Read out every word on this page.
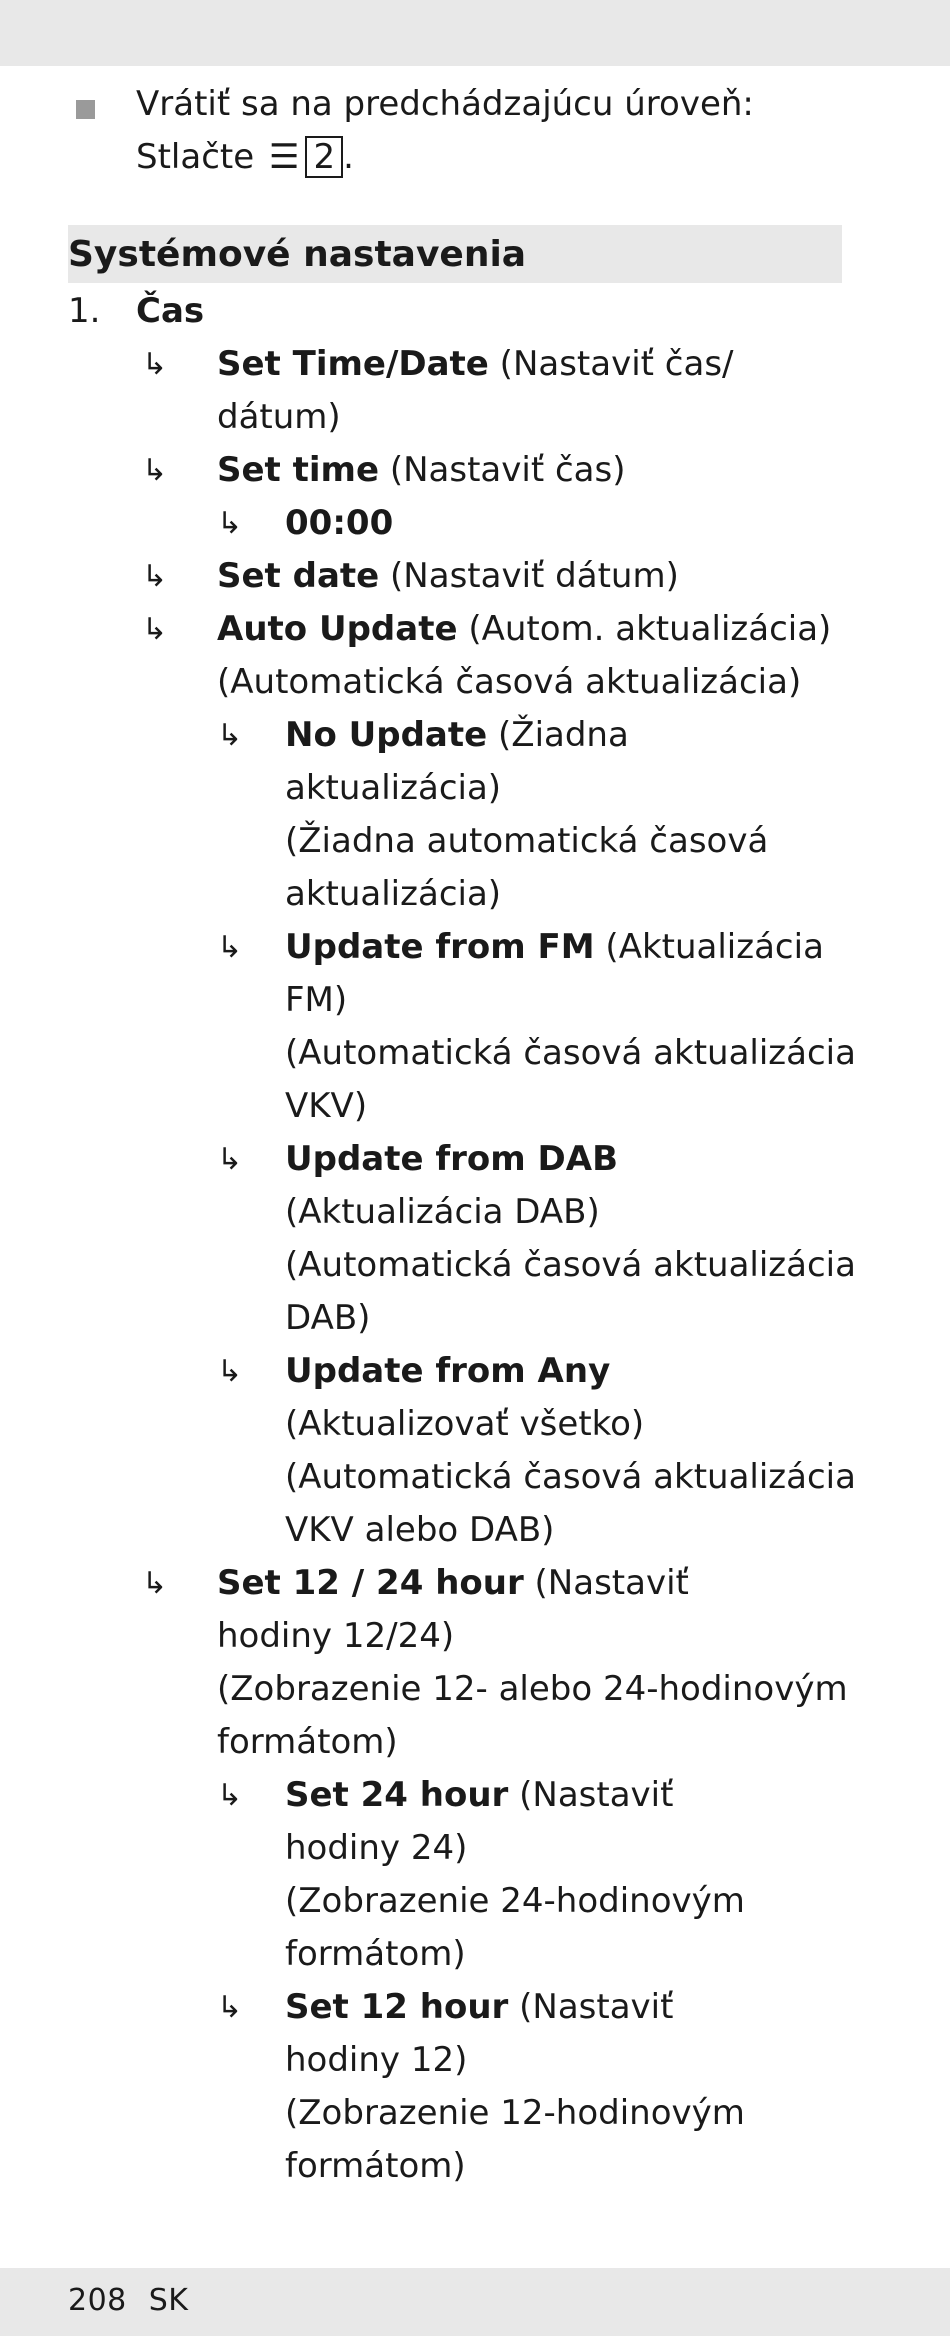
Vrátiť sa na predchádzajúcu úroveň:
Stlačte ☰ 2 .
Systémové nastavenia
1. Čas
↳ Set Time/Date (Nastaviť čas/
dátum)
↳ Set time (Nastaviť čas)
↳ 00:00
↳ Set date (Nastaviť dátum)
↳ Auto Update (Autom. aktualizácia)
(Automatická časová aktualizácia)
↳ No Update (Žiadna
aktualizácia)
(Žiadna automatická časová
aktualizácia)
↳ Update from FM (Aktualizácia
FM)
(Automatická časová aktualizácia
VKV)
↳ Update from DAB
(Aktualizácia DAB)
(Automatická časová aktualizácia
DAB)
↳ Update from Any
(Aktualizovať všetko)
(Automatická časová aktualizácia
VKV alebo DAB)
↳ Set 12 / 24 hour (Nastaviť
hodiny 12/24)
(Zobrazenie 12- alebo 24-hodinovým
formátom)
↳ Set 24 hour (Nastaviť
hodiny 24)
(Zobrazenie 24-hodinovým
formátom)
↳ Set 12 hour (Nastaviť
hodiny 12)
(Zobrazenie 12-hodinovým
formátom)
208 SK
